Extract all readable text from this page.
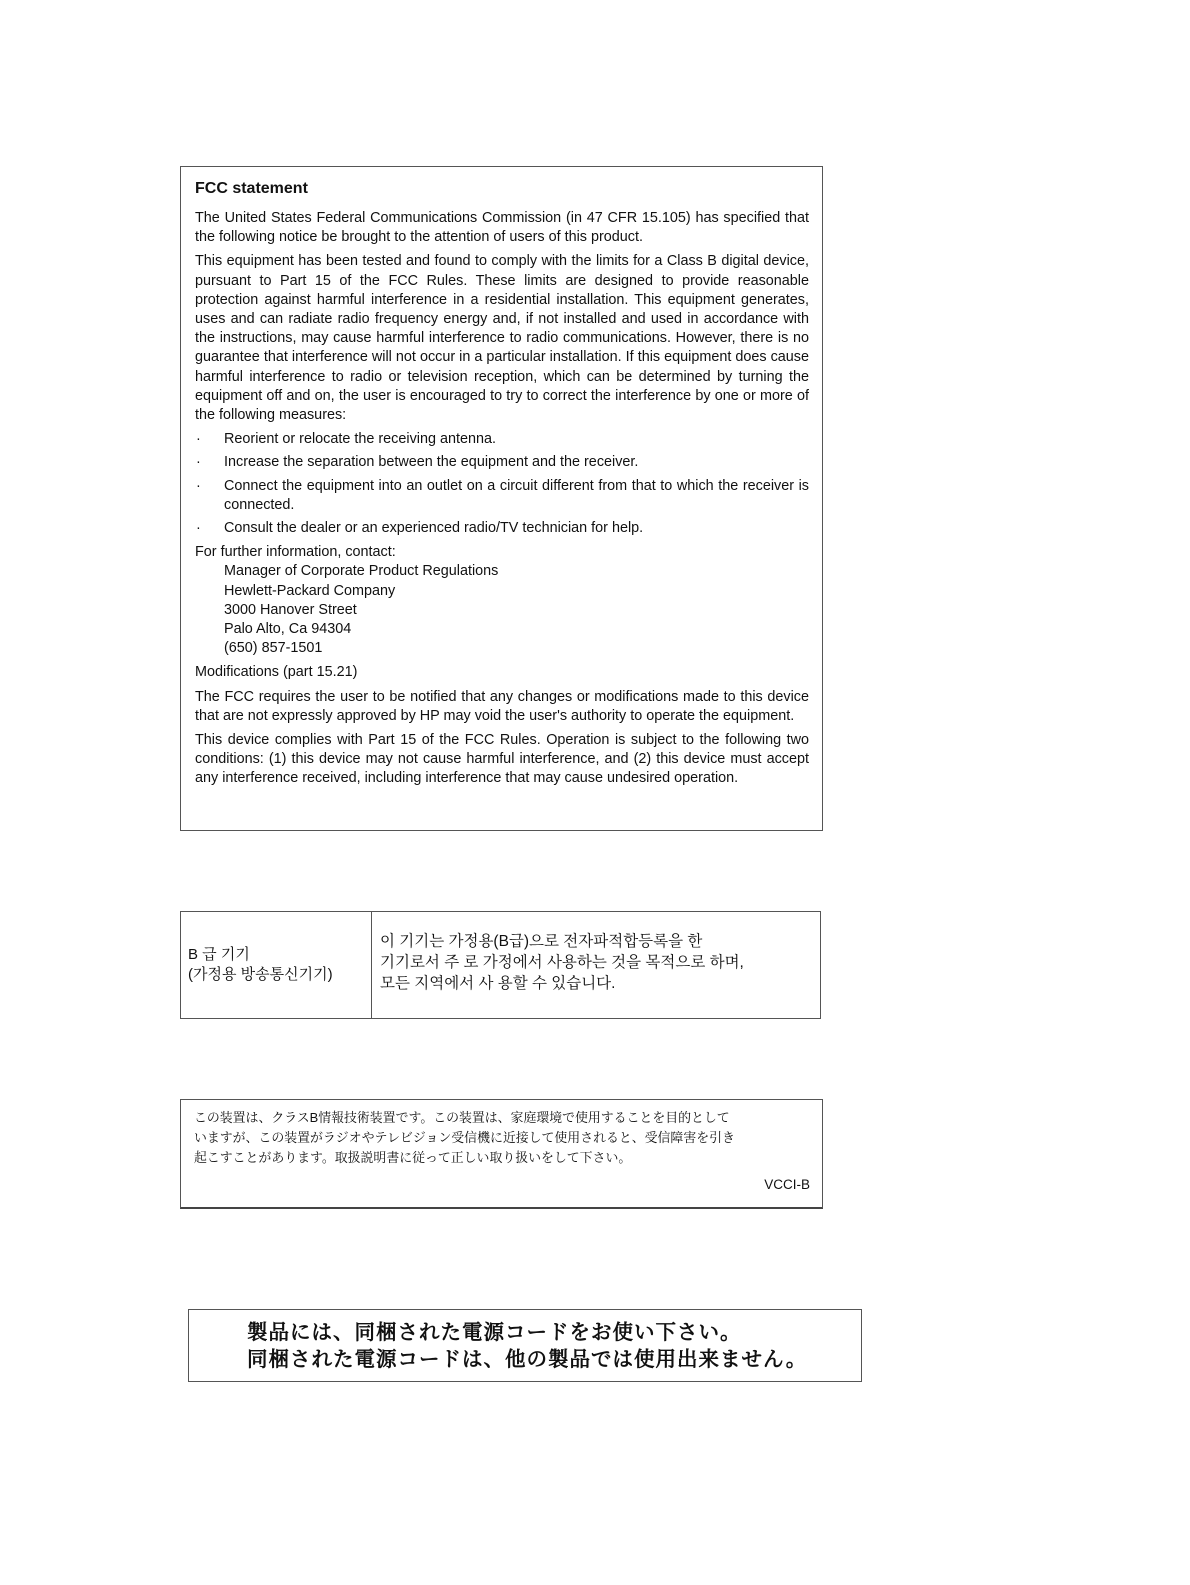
FCC statement

The United States Federal Communications Commission (in 47 CFR 15.105) has specified that the following notice be brought to the attention of users of this product.

This equipment has been tested and found to comply with the limits for a Class B digital device, pursuant to Part 15 of the FCC Rules. These limits are designed to provide reasonable protection against harmful interference in a residential installation. This equipment generates, uses and can radiate radio frequency energy and, if not installed and used in accordance with the instructions, may cause harmful interference to radio communications. However, there is no guarantee that interference will not occur in a particular installation. If this equipment does cause harmful interference to radio or television reception, which can be determined by turning the equipment off and on, the user is encouraged to try to correct the interference by one or more of the following measures:

· Reorient or relocate the receiving antenna.
· Increase the separation between the equipment and the receiver.
· Connect the equipment into an outlet on a circuit different from that to which the receiver is connected.
· Consult the dealer or an experienced radio/TV technician for help.

For further information, contact:

Manager of Corporate Product Regulations
Hewlett-Packard Company
3000 Hanover Street
Palo Alto, Ca 94304
(650) 857-1501

Modifications (part 15.21)

The FCC requires the user to be notified that any changes or modifications made to this device that are not expressly approved by HP may void the user's authority to operate the equipment.

This device complies with Part 15 of the FCC Rules. Operation is subject to the following two conditions: (1) this device may not cause harmful interference, and (2) this device must accept any interference received, including interference that may cause undesired operation.

B 급 기기
(가정용 방송통신기기)
이 기기는 가정용(B급)으로 전자파적합등록을 한
기기로서 주 로 가정에서 사용하는 것을 목적으로 하며,
모든 지역에서 사 용할 수 있습니다.
この装置は、クラスB情報技術装置です。この装置は、家庭環境で使用することを目的として
いますが、この装置がラジオやテレビジョン受信機に近接して使用されると、受信障害を引き
起こすことがあります。取扱説明書に従って正しい取り扱いをして下さい。
VCCI-B
製品には、同梱された電源コードをお使い下さい。
同梱された電源コードは、他の製品では使用出来ません。
